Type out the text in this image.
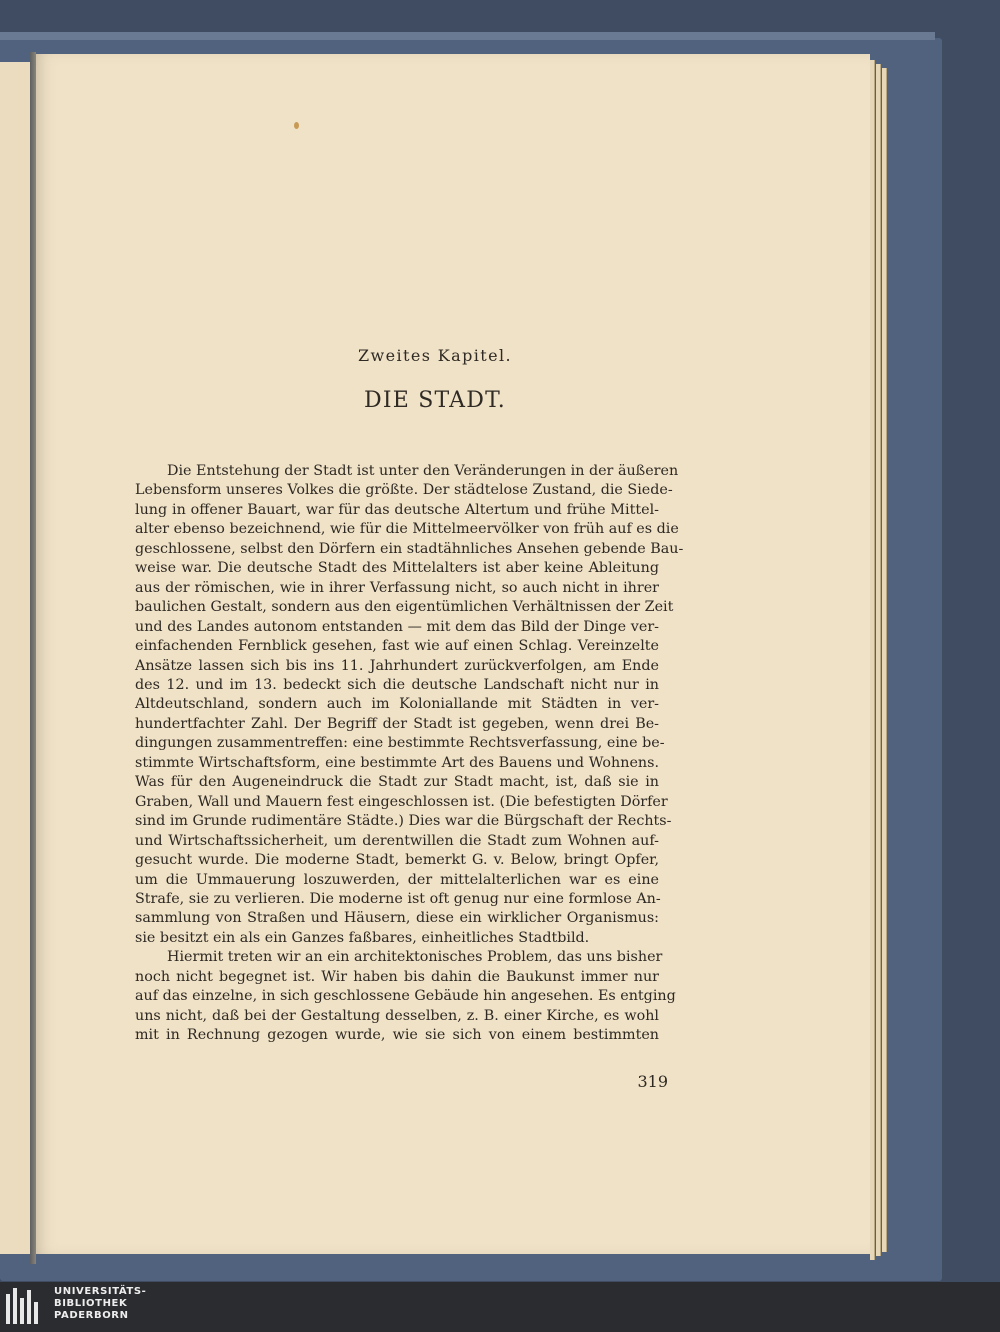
Zweites Kapitel.
DIE STADT.
Die Entstehung der Stadt ist unter den Veränderungen in der äußeren
Lebensform unseres Volkes die größte. Der städtelose Zustand, die Siede-
lung in offener Bauart, war für das deutsche Altertum und frühe Mittel-
alter ebenso bezeichnend, wie für die Mittelmeervölker von früh auf es die
geschlossene, selbst den Dörfern ein stadtähnliches Ansehen gebende Bau-
weise war. Die deutsche Stadt des Mittelalters ist aber keine Ableitung
aus der römischen, wie in ihrer Verfassung nicht, so auch nicht in ihrer
baulichen Gestalt, sondern aus den eigentümlichen Verhältnissen der Zeit
und des Landes autonom entstanden — mit dem das Bild der Dinge ver-
einfachenden Fernblick gesehen, fast wie auf einen Schlag. Vereinzelte
Ansätze lassen sich bis ins 11. Jahrhundert zurückverfolgen, am Ende
des 12. und im 13. bedeckt sich die deutsche Landschaft nicht nur in
Altdeutschland, sondern auch im Koloniallande mit Städten in ver-
hundertfachter Zahl. Der Begriff der Stadt ist gegeben, wenn drei Be-
dingungen zusammentreffen: eine bestimmte Rechtsverfassung, eine be-
stimmte Wirtschaftsform, eine bestimmte Art des Bauens und Wohnens.
Was für den Augeneindruck die Stadt zur Stadt macht, ist, daß sie in
Graben, Wall und Mauern fest eingeschlossen ist. (Die befestigten Dörfer
sind im Grunde rudimentäre Städte.) Dies war die Bürgschaft der Rechts-
und Wirtschaftssicherheit, um derentwillen die Stadt zum Wohnen auf-
gesucht wurde. Die moderne Stadt, bemerkt G. v. Below, bringt Opfer,
um die Ummauerung loszuwerden, der mittelalterlichen war es eine
Strafe, sie zu verlieren. Die moderne ist oft genug nur eine formlose An-
sammlung von Straßen und Häusern, diese ein wirklicher Organismus:
sie besitzt ein als ein Ganzes faßbares, einheitliches Stadtbild.
Hiermit treten wir an ein architektonisches Problem, das uns bisher
noch nicht begegnet ist. Wir haben bis dahin die Baukunst immer nur
auf das einzelne, in sich geschlossene Gebäude hin angesehen. Es entging
uns nicht, daß bei der Gestaltung desselben, z. B. einer Kirche, es wohl
mit in Rechnung gezogen wurde, wie sie sich von einem bestimmten
319
UNIVERSITÄTS-
BIBLIOTHEK
PADERBORN
